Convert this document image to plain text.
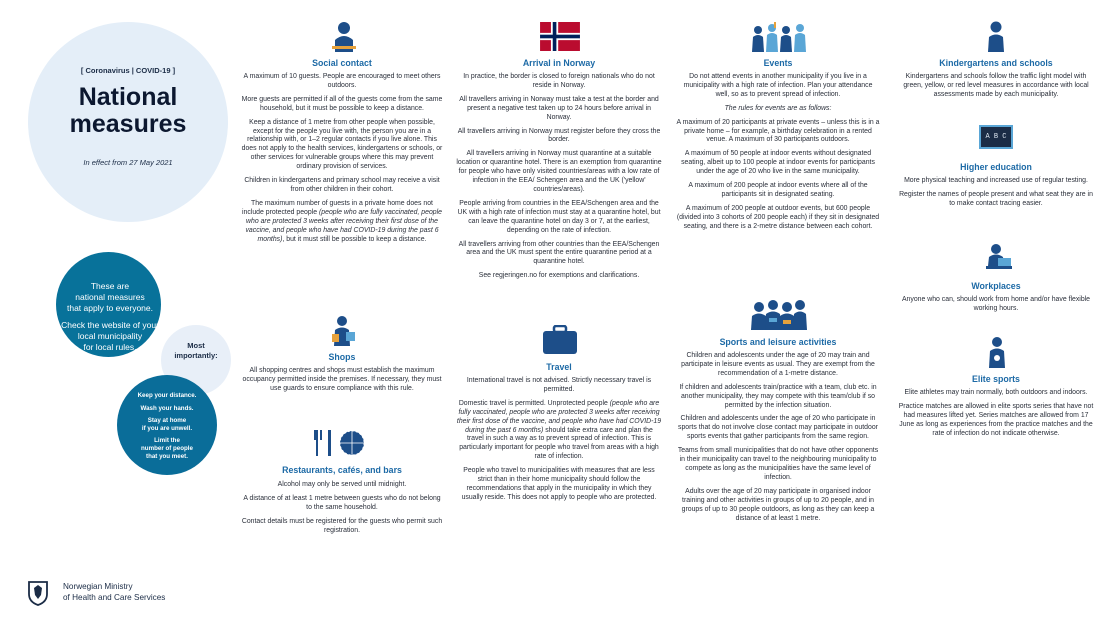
[ Coronavirus | COVID-19 ]
National
measures
In effect from 27 May 2021
These are
national measures
that apply to everyone.
Check the website of your
local municipality
for local rules.	Most
importantly:
Keep your distance.
Wash your hands.
Stay at home
if you are unwell.
Limit the
number of people
that you meet.
Social contact

A maximum of 10 guests. People are encouraged to meet others outdoors.

More guests are permitted if all of the guests come from the same household, but it must be possible to keep a distance.

Keep a distance of 1 metre from other people when possible, except for the people you live with, the person you are in a relationship with, or 1–2 regular contacts if you live alone. This does not apply to the health services, kindergartens or schools, or other services for vulnerable groups where this may prevent ordinary provision of services.

Children in kindergartens and primary school may receive a visit from other children in their cohort.

The maximum number of guests in a private home does not include protected people (people who are fully vaccinated, people who are protected 3 weeks after receiving their first dose of the vaccine, and people who have had COVID-19 during the past 6 months), but it must still be possible to keep a distance.

Shops

All shopping centres and shops must establish the maximum occupancy permitted inside the premises. If necessary, they must use guards to ensure compliance with this rule.

Restaurants, cafés, and bars

Alcohol may only be served until midnight.

A distance of at least 1 metre between guests who do not belong to the same household.

Contact details must be registered for the guests who permit such registration.

Arrival in Norway

In practice, the border is closed to foreign nationals who do not reside in Norway.

All travellers arriving in Norway must take a test at the border and present a negative test taken up to 24 hours before arrival in Norway.

All travellers arriving in Norway must register before they cross the border.

All travellers arriving in Norway must quarantine at a suitable location or quarantine hotel. There is an exemption from quarantine for people who have only visited countries/areas with a low rate of infection in the EEA/ Schengen area and the UK ('yellow' countries/areas).

People arriving from countries in the EEA/Schengen area and the UK with a high rate of infection must stay at a quarantine hotel, but can leave the quarantine hotel on day 3 or 7, at the earliest, depending on the rate of infection.

All travellers arriving from other countries than the EEA/Schengen area and the UK must spent the entire quarantine period at a quarantine hotel.

See regjeringen.no for exemptions and clarifications.

Travel

International travel is not advised. Strictly necessary travel is permitted.

Domestic travel is permitted. Unprotected people (people who are fully vaccinated, people who are protected 3 weeks after receiving their first dose of the vaccine, and people who have had COVID-19 during the past 6 months) should take extra care and plan the travel in such a way as to prevent spread of infection. This is particularly important for people who travel from areas with a high rate of infection.

People who travel to municipalities with measures that are less strict than in their home municipality should follow the recommendations that apply in the municipality in which they usually reside. This does not apply to people who are protected.

Events

Do not attend events in another municipality if you live in a municipality with a high rate of infection. Plan your attendance well, so as to prevent spread of infection.

The rules for events are as follows:

A maximum of 20 participants at private events – unless this is in a private home – for example, a birthday celebration in a rented venue. A maximum of 30 participants outdoors.

A maximum of 50 people at indoor events without designated seating, albeit up to 100 people at indoor events for participants under the age of 20 who live in the same municipality.

A maximum of 200 people at indoor events where all of the participants sit in designated seating.

A maximum of 200 people at outdoor events, but 600 people (divided into 3 cohorts of 200 people each) if they sit in designated seating, and there is a 2-metre distance between each cohort.

Sports and leisure activities

Children and adolescents under the age of 20 may train and participate in leisure events as usual. They are exempt from the recommendation of a 1-metre distance.

If children and adolescents train/practice with a team, club etc. in another municipality, they may compete with this team/club if so permitted by the infection situation.

Children and adolescents under the age of 20 who participate in sports that do not involve close contact may participate in outdoor sports events that gather participants from the same region.

Teams from small municipalities that do not have other opponents in their municipality can travel to the neighbouring municipality to compete as long as the municipalities have the same level of infection.

Adults over the age of 20 may participate in organised indoor training and other activities in groups of up to 20 people, and in groups of up to 30 people outdoors, as long as they can keep a distance of at least 1 metre.

Kindergartens and schools

Kindergartens and schools follow the traffic light model with green, yellow, or red level measures in accordance with local assessments made by each municipality.

A B C
Higher education

More physical teaching and increased use of regular testing.

Register the names of people present and what seat they are in to make contact tracing easier.

Workplaces

Anyone who can, should work from home and/or have flexible working hours.

Elite sports

Elite athletes may train normally, both outdoors and indoors.

Practice matches are allowed in elite sports series that have not had measures lifted yet. Series matches are allowed from 17 June as long as experiences from the practice matches and the rate of infection do not indicate otherwise.

Norwegian Ministry
of Health and Care Services
